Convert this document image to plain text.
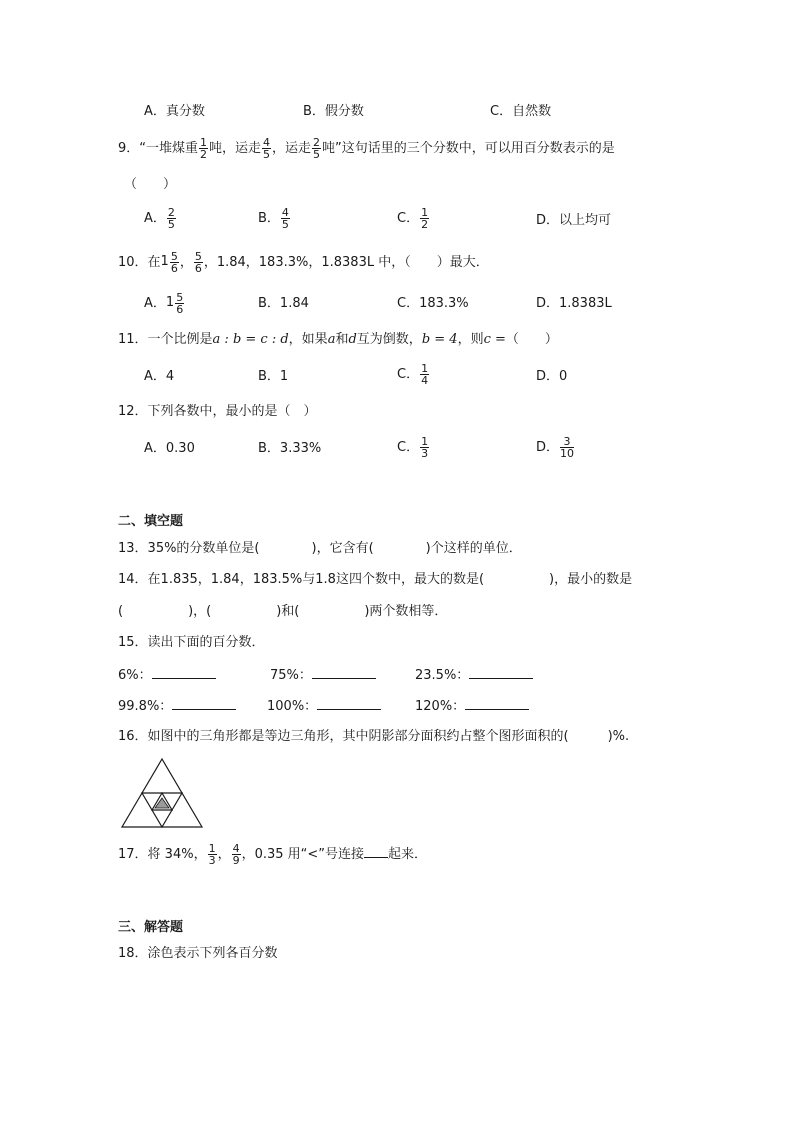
A．真分数	B．假分数	C．自然数
9．“一堆煤重 $\frac{1}{2}$ 吨，运走 $\frac{4}{5}$ ，运走 $\frac{2}{5}$ 吨”这句话里的三个分数中，可以用百分数表示的是
（　　）
A． $\frac{2}{5}$	B． $\frac{4}{5}$	C． $\frac{1}{2}$	D．以上均可
10．在$1 \frac{5}{6}$ ， $\frac{5}{6}$ ，1.84，183.3%，1.8383L 中，（　　）最大．
A．$1 \frac{5}{6}$	B．1.84	C．183.3%	D．1.8383L
11．一个比例是a : b = c : d，如果a和d互为倒数，b = 4，则c =（　　）
A．4	B．1	C． $\frac{1}{4}$	D．0
12．下列各数中，最小的是（　）
A．0.30	B．3.33%	C． $\frac{1}{3}$	D． $\frac{3}{10}$
二、填空题
13．35%的分数单位是(　　　　)，它含有(　　　　)个这样的单位．
14．在1.835，1.84，183.5%与1.8这四个数中，最大的数是(　　　　　)，最小的数是
(　　　　　)，(　　　　　)和(　　　　　)两个数相等．
15．读出下面的百分数．
6%：	75%：	23.5%：
99.8%：	100%：	120%：
16．如图中的三角形都是等边三角形，其中阴影部分面积约占整个图形面积的(　　　)%.
17．将 34%， $\frac{1}{3}$ ， $\frac{4}{9}$ ，0.35 用“<”号连接 起来．
三、解答题
18．涂色表示下列各百分数
